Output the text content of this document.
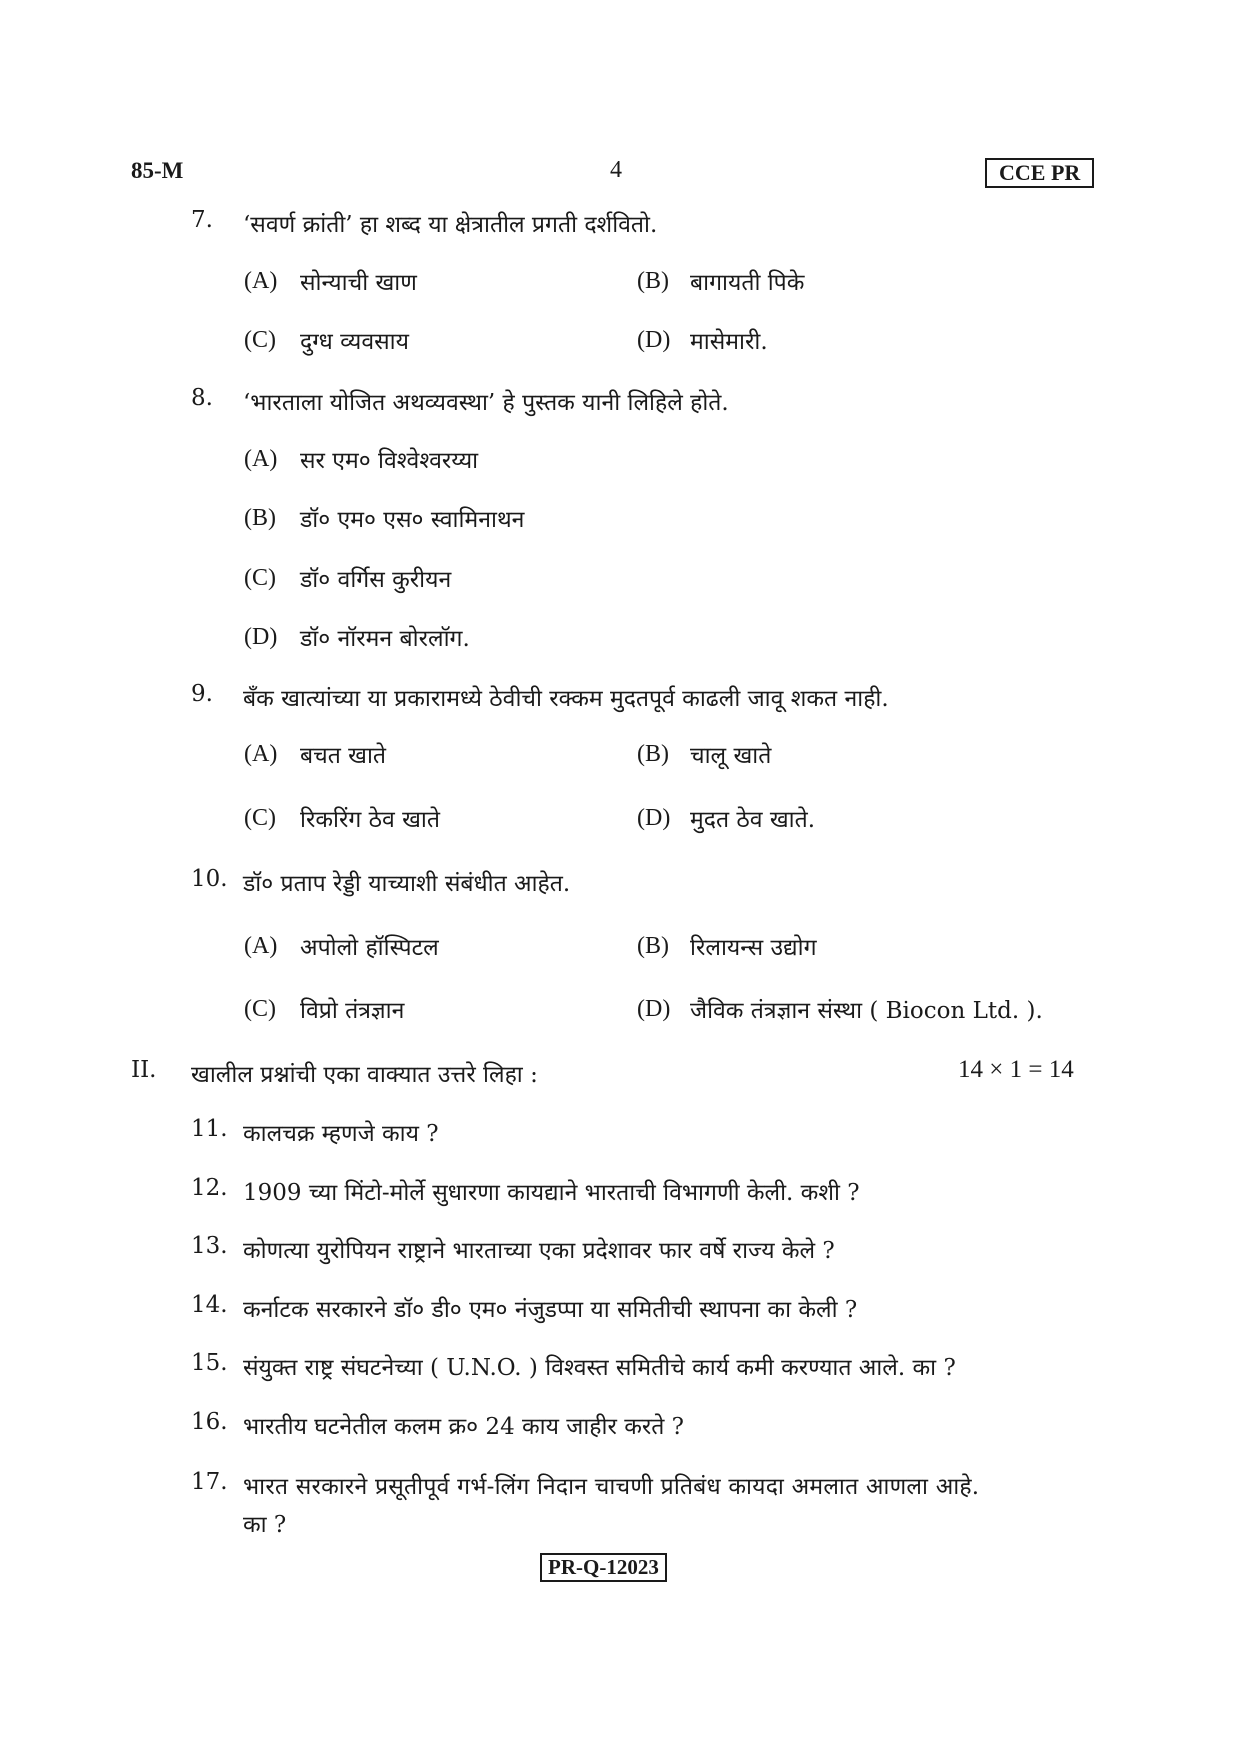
85-M	4	CCE PR
7. ‘सवर्ण क्रांती’ हा शब्द या क्षेत्रातील प्रगती दर्शवितो.
(A) सोन्याची खाण	(B) बागायती पिके
(C) दुग्ध व्यवसाय	(D) मासेमारी.
8. ‘भारताला योजित अथव्यवस्था’ हे पुस्तक यानी लिहिले होते.
(A) सर एम० विश्वेश्वरय्या
(B) डॉ० एम० एस० स्वामिनाथन
(C) डॉ० वर्गिस कुरीयन
(D) डॉ० नॉरमन बोरलॉग.
9. बँक खात्यांच्या या प्रकारामध्ये ठेवीची रक्कम मुदतपूर्व काढली जावू शकत नाही.
(A) बचत खाते	(B) चालू खाते
(C) रिकरिंग ठेव खाते	(D) मुदत ठेव खाते.
10. डॉ० प्रताप रेड्डी याच्याशी संबंधीत आहेत.
(A) अपोलो हॉस्पिटल	(B) रिलायन्स उद्योग
(C) विप्रो तंत्रज्ञान	(D) जैविक तंत्रज्ञान संस्था ( Biocon Ltd. ).
II. खालील प्रश्नांची एका वाक्यात उत्तरे लिहा :	14 × 1 = 14
11. कालचक्र म्हणजे काय ?
12. 1909 च्या मिंटो-मोर्ले सुधारणा कायद्याने भारताची विभागणी केली. कशी ?
13. कोणत्या युरोपियन राष्ट्राने भारताच्या एका प्रदेशावर फार वर्षे राज्य केले ?
14. कर्नाटक सरकारने डॉ० डी० एम० नंजुडप्पा या समितीची स्थापना का केली ?
15. संयुक्त राष्ट्र संघटनेच्या ( U.N.O. ) विश्वस्त समितीचे कार्य कमी करण्यात आले. का ?
16. भारतीय घटनेतील कलम क्र० 24 काय जाहीर करते ?
17. भारत सरकारने प्रसूतीपूर्व गर्भ-लिंग निदान चाचणी प्रतिबंध कायदा अमलात आणला आहे.
का ?
PR-Q-12023
